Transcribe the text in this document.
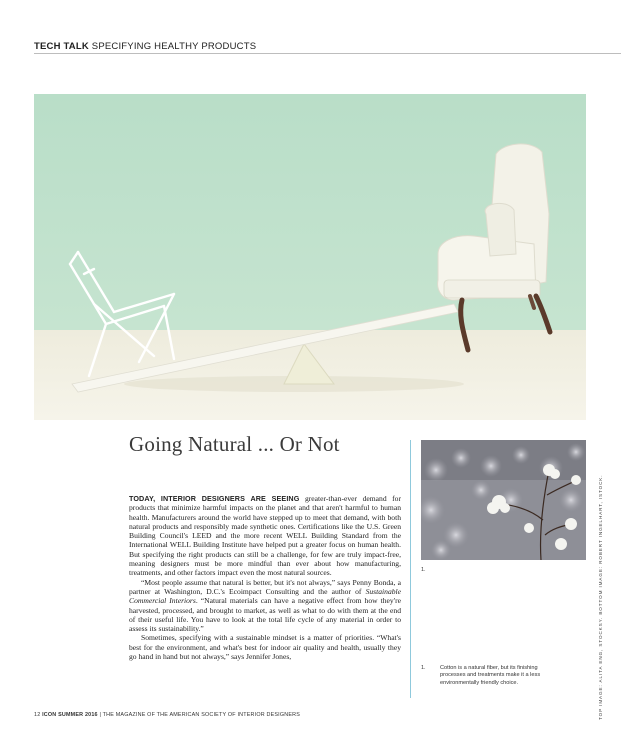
TECH TALK SPECIFYING HEALTHY PRODUCTS
Going Natural ... Or Not

TODAY, INTERIOR DESIGNERS ARE SEEING greater-than-ever demand for products that minimize harmful impacts on the planet and that aren't harmful to human health. Manufacturers around the world have stepped up to meet that demand, with both natural products and responsibly made synthetic ones. Certifications like the U.S. Green Building Council's LEED and the more recent WELL Building Standard from the International WELL Building Institute have helped put a greater focus on human health. But specifying the right products can still be a challenge, for few are truly impact-free, meaning designers must be more mindful than ever about how manufacturing, treatments, and other factors impact even the most natural sources.

“Most people assume that natural is better, but it's not always,” says Penny Bonda, a partner at Washington, D.C.'s Ecoimpact Consulting and the author of Sustainable Commercial Interiors. “Natural materials can have a negative effect from how they're harvested, processed, and brought to market, as well as what to do with them at the end of their useful life. You have to look at the total life cycle of any material in order to assess its sustainability.”

Sometimes, specifying with a sustainable mindset is a matter of priorities. “What's best for the environment, and what's best for indoor air quality and health, usually they go hand in hand but not always,” says Jennifer Jones,

1.
1.	Cotton is a natural fiber, but its finishing processes and treatments make it a less environmentally friendly choice.	TOP IMAGE: ALITA ENG, STOCKSY. BOTTOM IMAGE: ROBERT INGELHART, ISTOCK.
12 ICON SUMMER 2016 | THE MAGAZINE OF THE AMERICAN SOCIETY OF INTERIOR DESIGNERS
